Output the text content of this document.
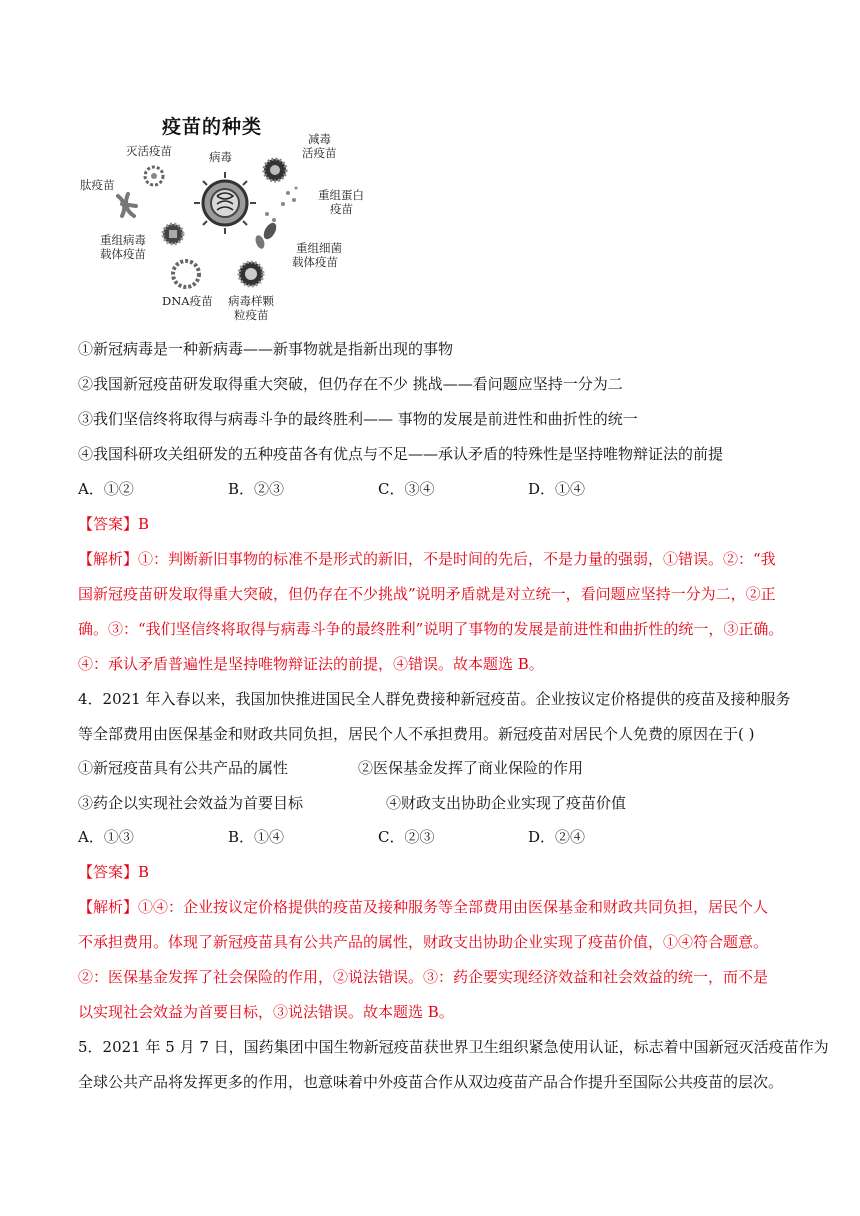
疫苗的种类
灭活疫苗	病毒
减毒
活疫苗
肽疫苗
重组蛋白
疫苗
重组病毒
载体疫苗	重组细菌
载体疫苗
DNA疫苗 病毒样颗
粒疫苗
①新冠病毒是一种新病毒——新事物就是指新出现的事物
②我国新冠疫苗研发取得重大突破，但仍存在不少 挑战——看问题应坚持一分为二
③我们坚信终将取得与病毒斗争的最终胜利—— 事物的发展是前进性和曲折性的统一
④我国科研攻关组研发的五种疫苗各有优点与不足——承认矛盾的特殊性是坚持唯物辩证法的前提
A．①②	B．②③	C．③④	D．①④
【答案】B
【解析】①：判断新旧事物的标准不是形式的新旧，不是时间的先后，不是力量的强弱，①错误。②：“我
国新冠疫苗研发取得重大突破，但仍存在不少挑战”说明矛盾就是对立统一，看问题应坚持一分为二，②正
确。③：“我们坚信终将取得与病毒斗争的最终胜利”说明了事物的发展是前进性和曲折性的统一，③正确。
④：承认矛盾普遍性是坚持唯物辩证法的前提，④错误。故本题选 B。
4．2021 年入春以来，我国加快推进国民全人群免费接种新冠疫苗。企业按议定价格提供的疫苗及接种服务
等全部费用由医保基金和财政共同负担，居民个人不承担费用。新冠疫苗对居民个人免费的原因在于( )
①新冠疫苗具有公共产品的属性	②医保基金发挥了商业保险的作用
③药企以实现社会效益为首要目标	④财政支出协助企业实现了疫苗价值
A．①③	B．①④	C．②③	D．②④
【答案】B
【解析】①④：企业按议定价格提供的疫苗及接种服务等全部费用由医保基金和财政共同负担，居民个人
不承担费用。体现了新冠疫苗具有公共产品的属性，财政支出协助企业实现了疫苗价值，①④符合题意。
②：医保基金发挥了社会保险的作用，②说法错误。③：药企要实现经济效益和社会效益的统一，而不是
以实现社会效益为首要目标，③说法错误。故本题选 B。
5．2021 年 5 月 7 日，国药集团中国生物新冠疫苗获世界卫生组织紧急使用认证，标志着中国新冠灭活疫苗作为
全球公共产品将发挥更多的作用，也意味着中外疫苗合作从双边疫苗产品合作提升至国际公共疫苗的层次。
